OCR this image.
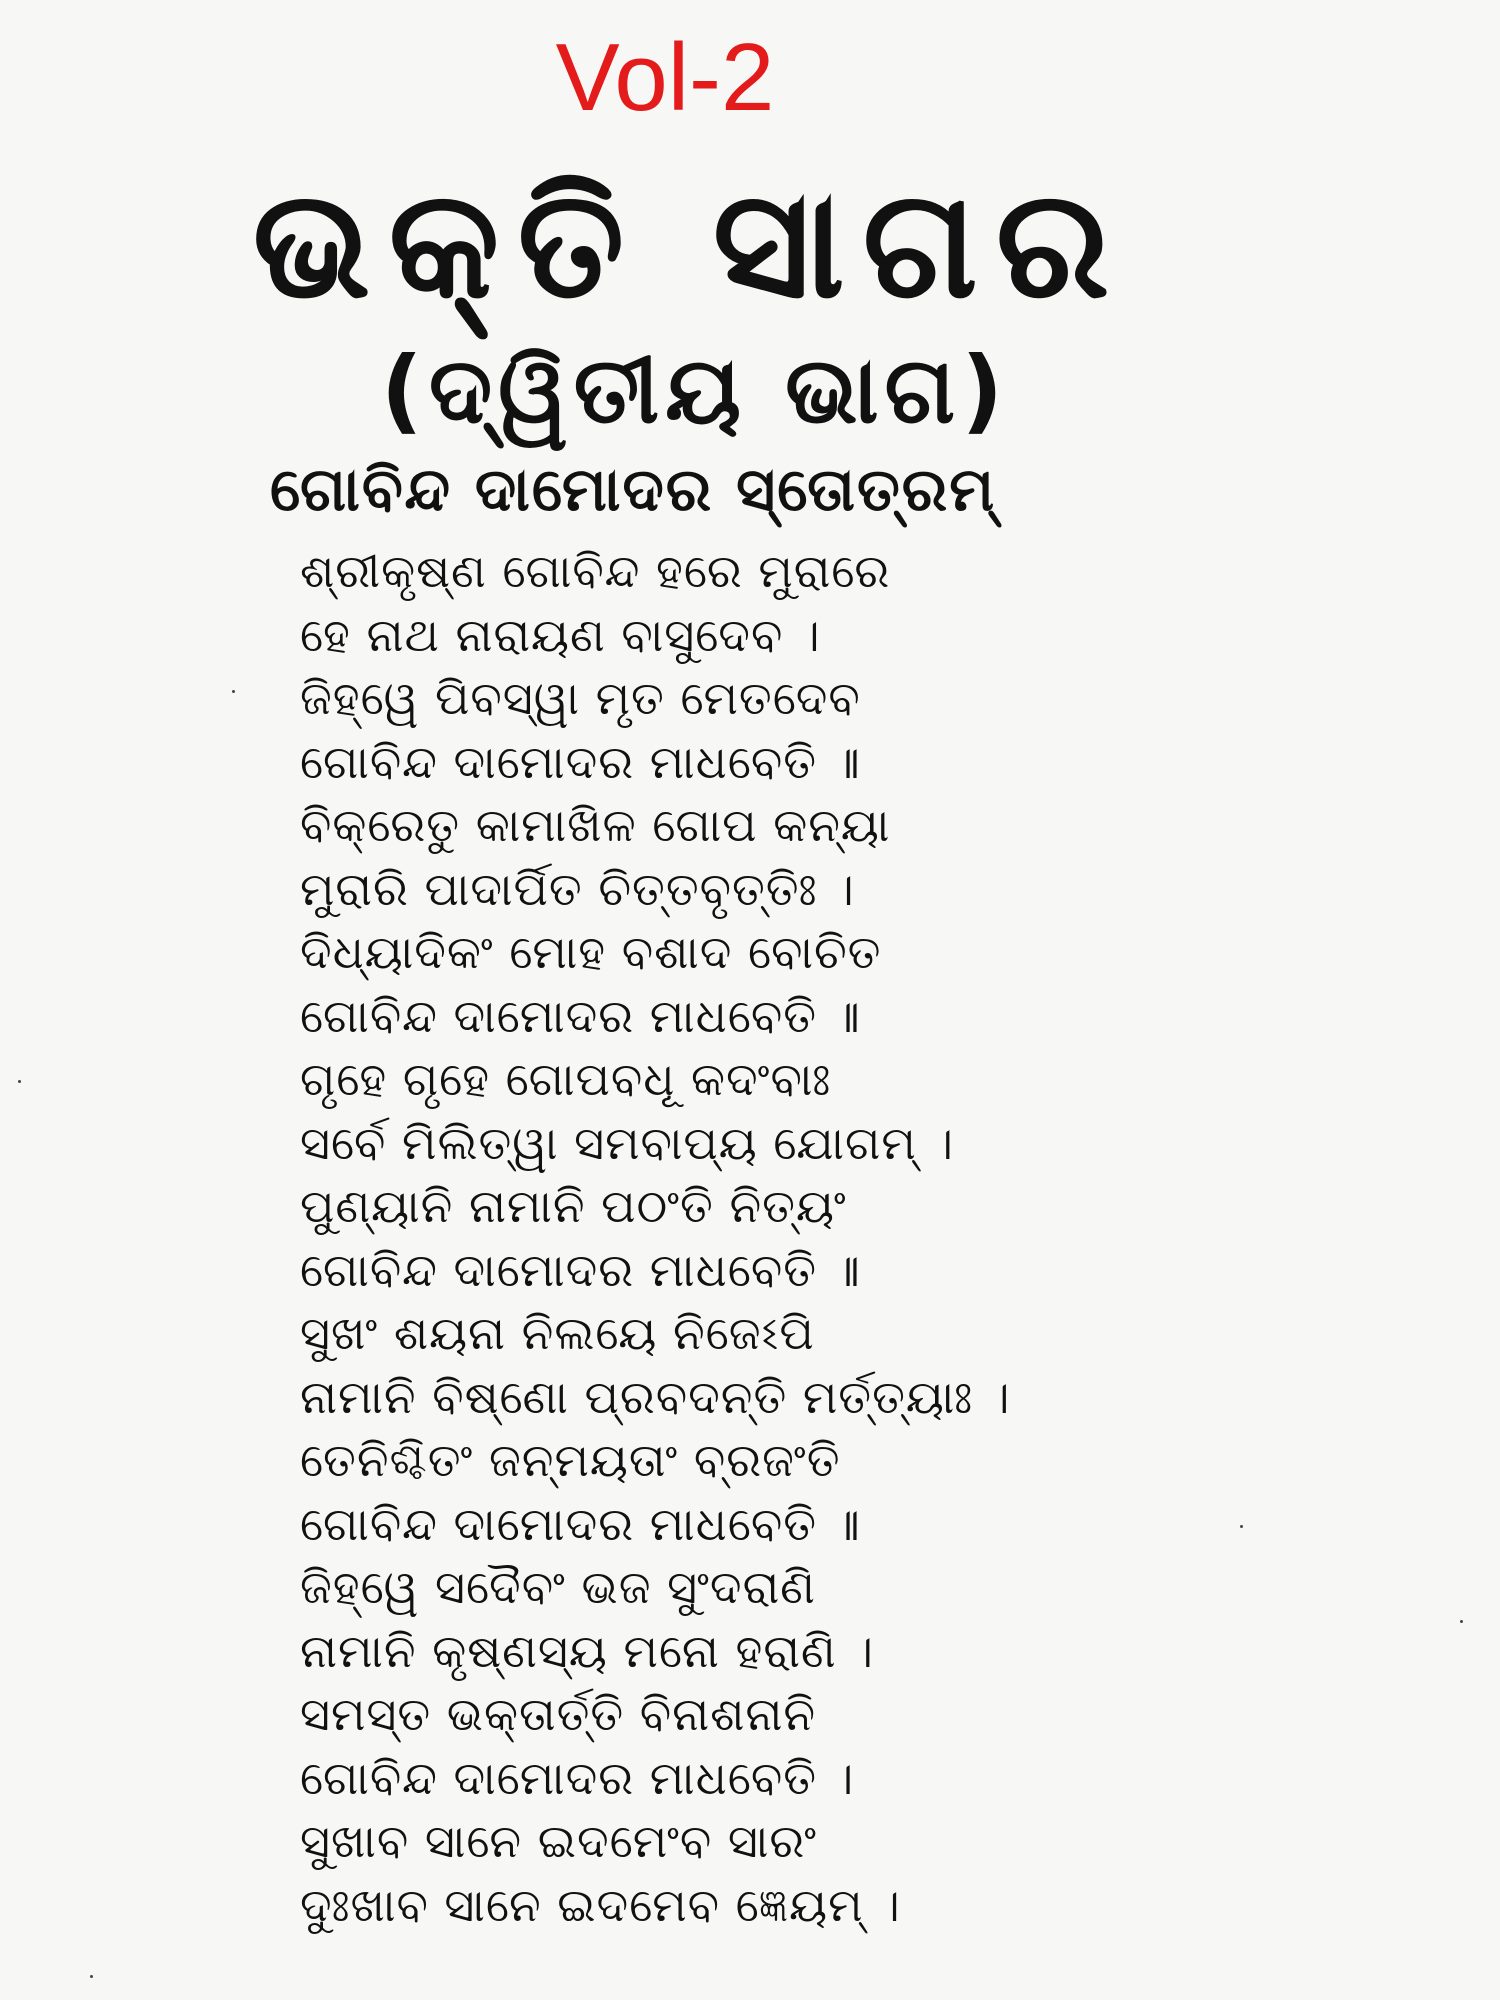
Vol-2
ଭକ୍ତି ସାଗର
(ଦ୍ୱିତୀୟ ଭାଗ)
ଗୋବିନ୍ଦ ଦାମୋଦର ସ୍ତୋତ୍ରମ୍
ଶ୍ରୀକୃଷ୍ଣ ଗୋବିନ୍ଦ ହରେ ମୁରାରେ
ହେ ନାଥ ନାରାୟଣ ବାସୁଦେବ ।
ଜିହ୍ୱେ ପିବସ୍ୱା ମୃତ ମେତଦେବ
ଗୋବିନ୍ଦ ଦାମୋଦର ମାଧବେତି ॥
ବିକ୍ରେତୁ କାମାଖିଳ ଗୋପ କନ୍ୟା
ମୁରାରି ପାଦାର୍ପିତ ଚିତ୍ତବୃତ୍ତିଃ ।
ଦିଧ୍ୟାଦିକଂ ମୋହ ବଶାଦ ବୋଚିତ
ଗୋବିନ୍ଦ ଦାମୋଦର ମାଧବେତି ॥
ଗୃହେ ଗୃହେ ଗୋପବଧୂ କଦଂବାଃ
ସର୍ବେ ମିଲିତ୍ୱା ସମବାପ୍ୟ ଯୋଗମ୍ ।
ପୁଣ୍ୟାନି ନାମାନି ପଠଂତି ନିତ୍ୟଂ
ଗୋବିନ୍ଦ ଦାମୋଦର ମାଧବେତି ॥
ସୁଖଂ ଶୟନା ନିଲୟେ ନିଜେଽପି
ନାମାନି ବିଷ୍ଣୋ ପ୍ରବଦନ୍ତି ମର୍ତ୍ତ୍ୟାଃ ।
ତେନିଶ୍ଚିତଂ ଜନ୍ମୟତାଂ ବ୍ରଜଂତି
ଗୋବିନ୍ଦ ଦାମୋଦର ମାଧବେତି ॥
ଜିହ୍ୱେ ସଦୈବଂ ଭଜ ସୁଂଦରାଣି
ନାମାନି କୃଷ୍ଣସ୍ୟ ମନୋ ହରାଣି ।
ସମସ୍ତ ଭକ୍ତାର୍ତ୍ତି ବିନାଶନାନି
ଗୋବିନ୍ଦ ଦାମୋଦର ମାଧବେତି ।
ସୁଖାବ ସାନେ ଇଦମେଂବ ସାରଂ
ଦୁଃଖାବ ସାନେ ଇଦମେବ ଜ୍ଞେୟମ୍ ।
